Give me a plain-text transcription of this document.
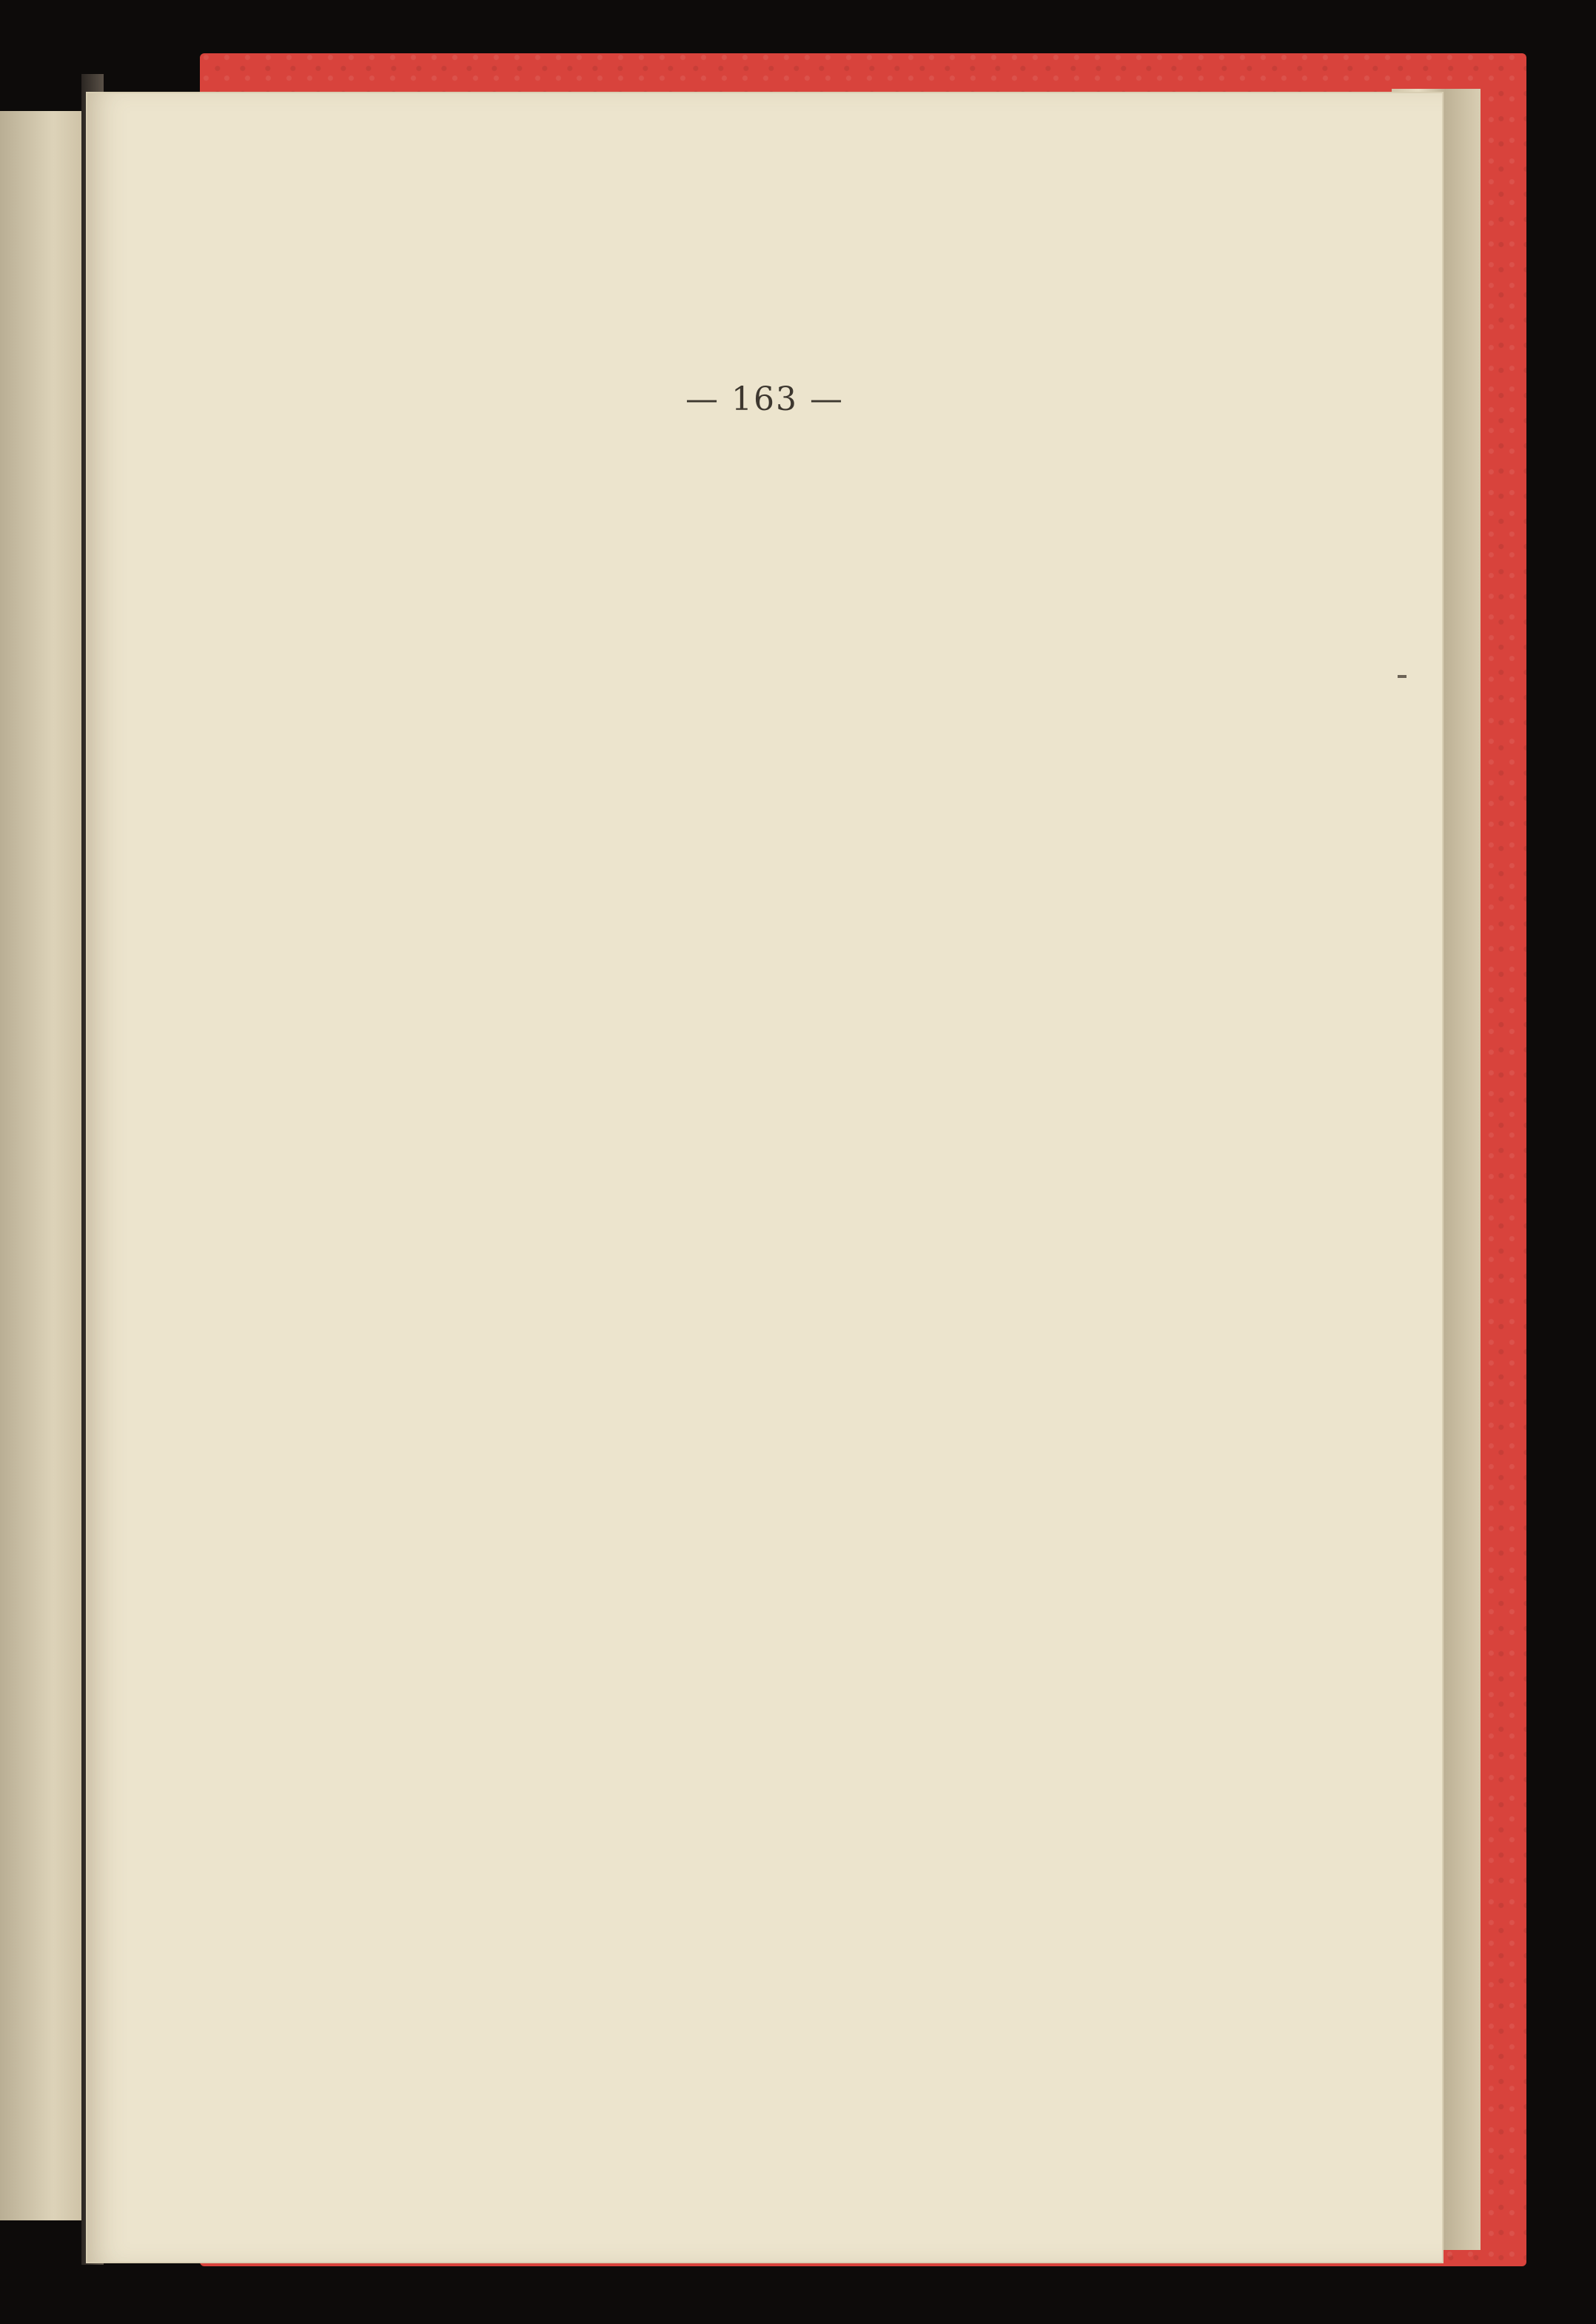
— 163 —
